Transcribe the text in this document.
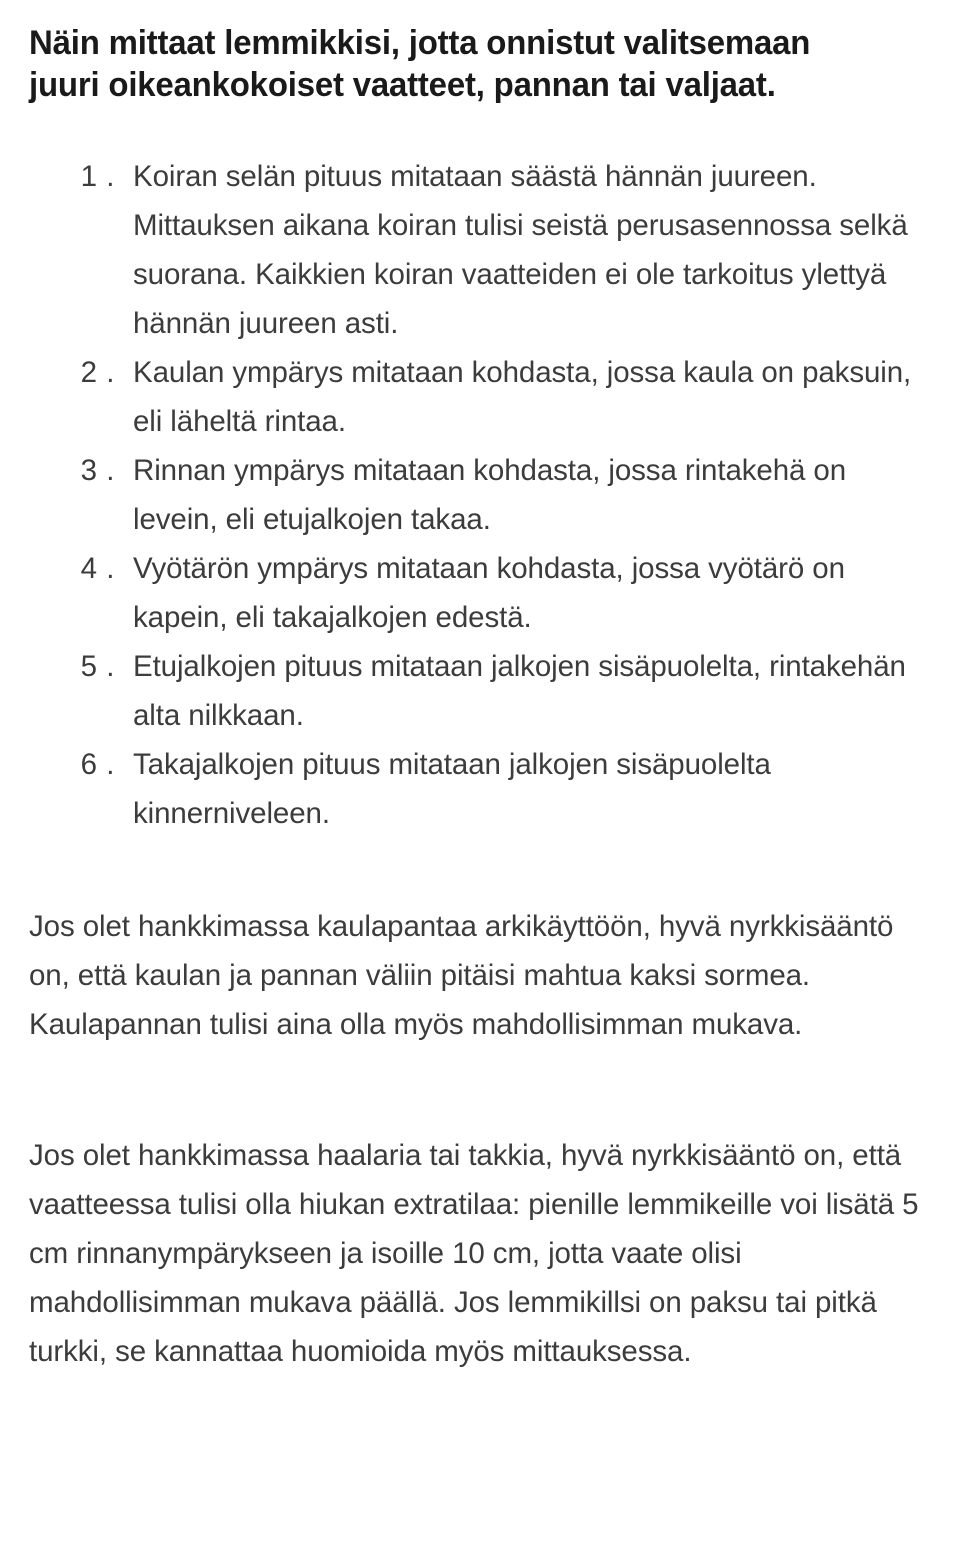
Näin mittaat lemmikkisi, jotta onnistut valitsemaan juuri oikeankokoiset vaatteet, pannan tai valjaat.
Koiran selän pituus mitataan säästä hännän juureen. Mittauksen aikana koiran tulisi seistä perusasennossa selkä suorana. Kaikkien koiran vaatteiden ei ole tarkoitus ylettyä hännän juureen asti.
Kaulan ympärys mitataan kohdasta, jossa kaula on paksuin, eli läheltä rintaa.
Rinnan ympärys mitataan kohdasta, jossa rintakehä on levein, eli etujalkojen takaa.
Vyötärön ympärys mitataan kohdasta, jossa vyötärö on kapein, eli takajalkojen edestä.
Etujalkojen pituus mitataan jalkojen sisäpuolelta, rintakehän alta nilkkaan.
Takajalkojen pituus mitataan jalkojen sisäpuolelta kinnerniveleen.

Jos olet hankkimassa kaulapantaa arkikäyttöön, hyvä nyrkkisääntö on, että kaulan ja pannan väliin pitäisi mahtua kaksi sormea. Kaulapannan tulisi aina olla myös mahdollisimman mukava.

Jos olet hankkimassa haalaria tai takkia, hyvä nyrkkisääntö on, että vaatteessa tulisi olla hiukan extratilaa: pienille lemmikeille voi lisätä 5 cm rinnanympärykseen ja isoille 10 cm, jotta vaate olisi mahdollisimman mukava päällä. Jos lemmikillsi on paksu tai pitkä turkki, se kannattaa huomioida myös mittauksessa.
